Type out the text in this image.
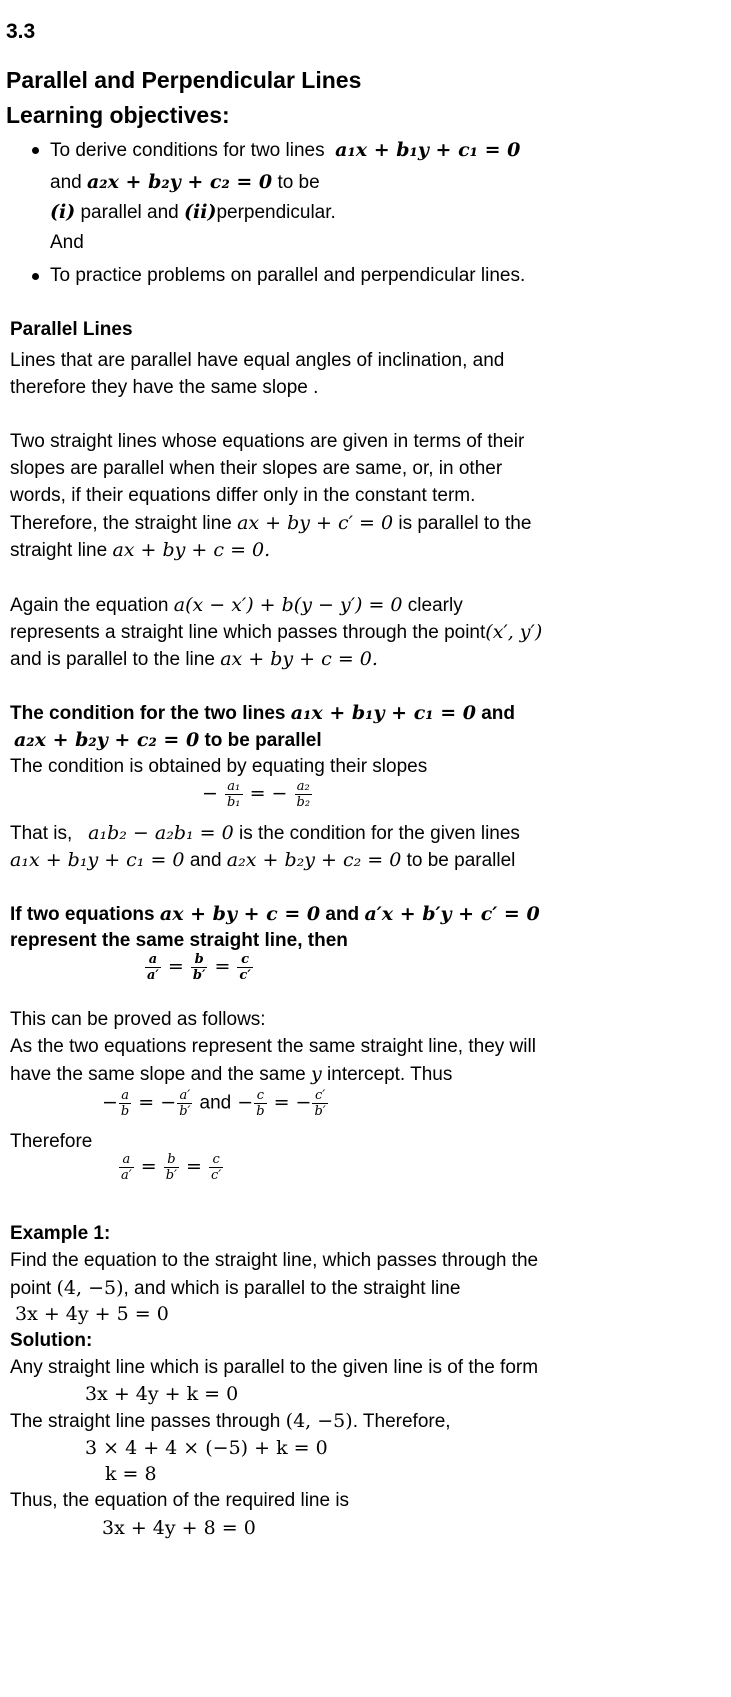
3.3
Parallel and Perpendicular Lines
Learning objectives:
To derive conditions for two lines a₁x + b₁y + c₁ = 0
and a₂x + b₂y + c₂ = 0 to be
(i) parallel and (ii)perpendicular.
And
To practice problems on parallel and perpendicular lines.
Parallel Lines
Lines that are parallel have equal angles of inclination, and
therefore they have the same slope .
Two straight lines whose equations are given in terms of their
slopes are parallel when their slopes are same, or, in other
words, if their equations differ only in the constant term.
Therefore, the straight line ax + by + c′ = 0 is parallel to the
straight line ax + by + c = 0.
Again the equation a(x − x′) + b(y − y′) = 0 clearly
represents a straight line which passes through the point(x′, y′)
and is parallel to the line ax + by + c = 0.
The condition for the two lines a₁x + b₁y + c₁ = 0 and
a₂x + b₂y + c₂ = 0 to be parallel
The condition is obtained by equating their slopes
− $\frac{\text{a₁}}{\text{b₁}}$ = − $\frac{\text{a₂}}{\text{b₂}}$
That is, a₁b₂ − a₂b₁ = 0 is the condition for the given lines
a₁x + b₁y + c₁ = 0 and a₂x + b₂y + c₂ = 0 to be parallel
If two equations ax + by + c = 0 and a′x + b′y + c′ = 0
represent the same straight line, then
$\frac{a}{a'} = \frac{b}{b'} = \frac{c}{c'}$
This can be proved as follows:
As the two equations represent the same straight line, they will
have the same slope and the same y intercept. Thus
− $\frac{a}{b}$ = − $\frac{a'}{b'}$ and − $\frac{c}{b}$ = − $\frac{c'}{b'}$
Therefore
$\frac{a}{a'} = \frac{b}{b'} = \frac{c}{c'}$
Example 1:
Find the equation to the straight line, which passes through the
point (4, −5), and which is parallel to the straight line
3x + 4y + 5 = 0
Solution:
Any straight line which is parallel to the given line is of the form
3x + 4y + k = 0
The straight line passes through (4, −5). Therefore,
3 × 4 + 4 × (−5) + k = 0
k = 8
Thus, the equation of the required line is
3x + 4y + 8 = 0
